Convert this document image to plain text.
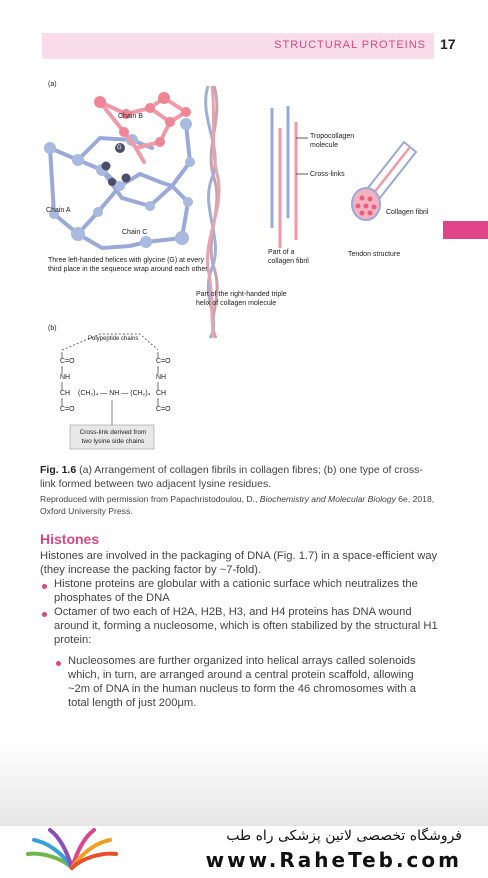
STRUCTURAL PROTEINS 17
(a)
Chain B
Chain A
Chain C
G
Three left-handed helices with glycine (G) at every third place in the sequence wrap around each other
Part of the right-handed triple helix of collagen molecule
Tropocollagen molecule
Cross-links
Part of a collagen fibril
Collagen fibril
Tendon structure
(b)
Polypeptide chains
C=O	C=O
NH	NH
CH (CH₂)₄ — NH — (CH₂)₄ CH
C=O	C=O
Cross-link derived from two lysine side chains

Fig. 1.6 (a) Arrangement of collagen fibrils in collagen fibres; (b) one type of cross-link formed between two adjacent lysine residues.

Reproduced with permission from Papachristodoulou, D., Biochemistry and Molecular Biology 6e, 2018, Oxford University Press.

Histones

Histones are involved in the packaging of DNA (Fig. 1.7) in a space-efficient way (they increase the packing factor by ~7-fold).

Histone proteins are globular with a cationic surface which neutralizes the phosphates of the DNA

Octamer of two each of H2A, H2B, H3, and H4 proteins has DNA wound around it, forming a nucleosome, which is often stabilized by the structural H1 protein:

Nucleosomes are further organized into helical arrays called solenoids which, in turn, are arranged around a central protein scaffold, allowing ~2m of DNA in the human nucleus to form the 46 chromosomes with a total length of just 200μm.

فروشگاه تخصصی لاتین پزشکی راه طب
www.RaheTeb.com
